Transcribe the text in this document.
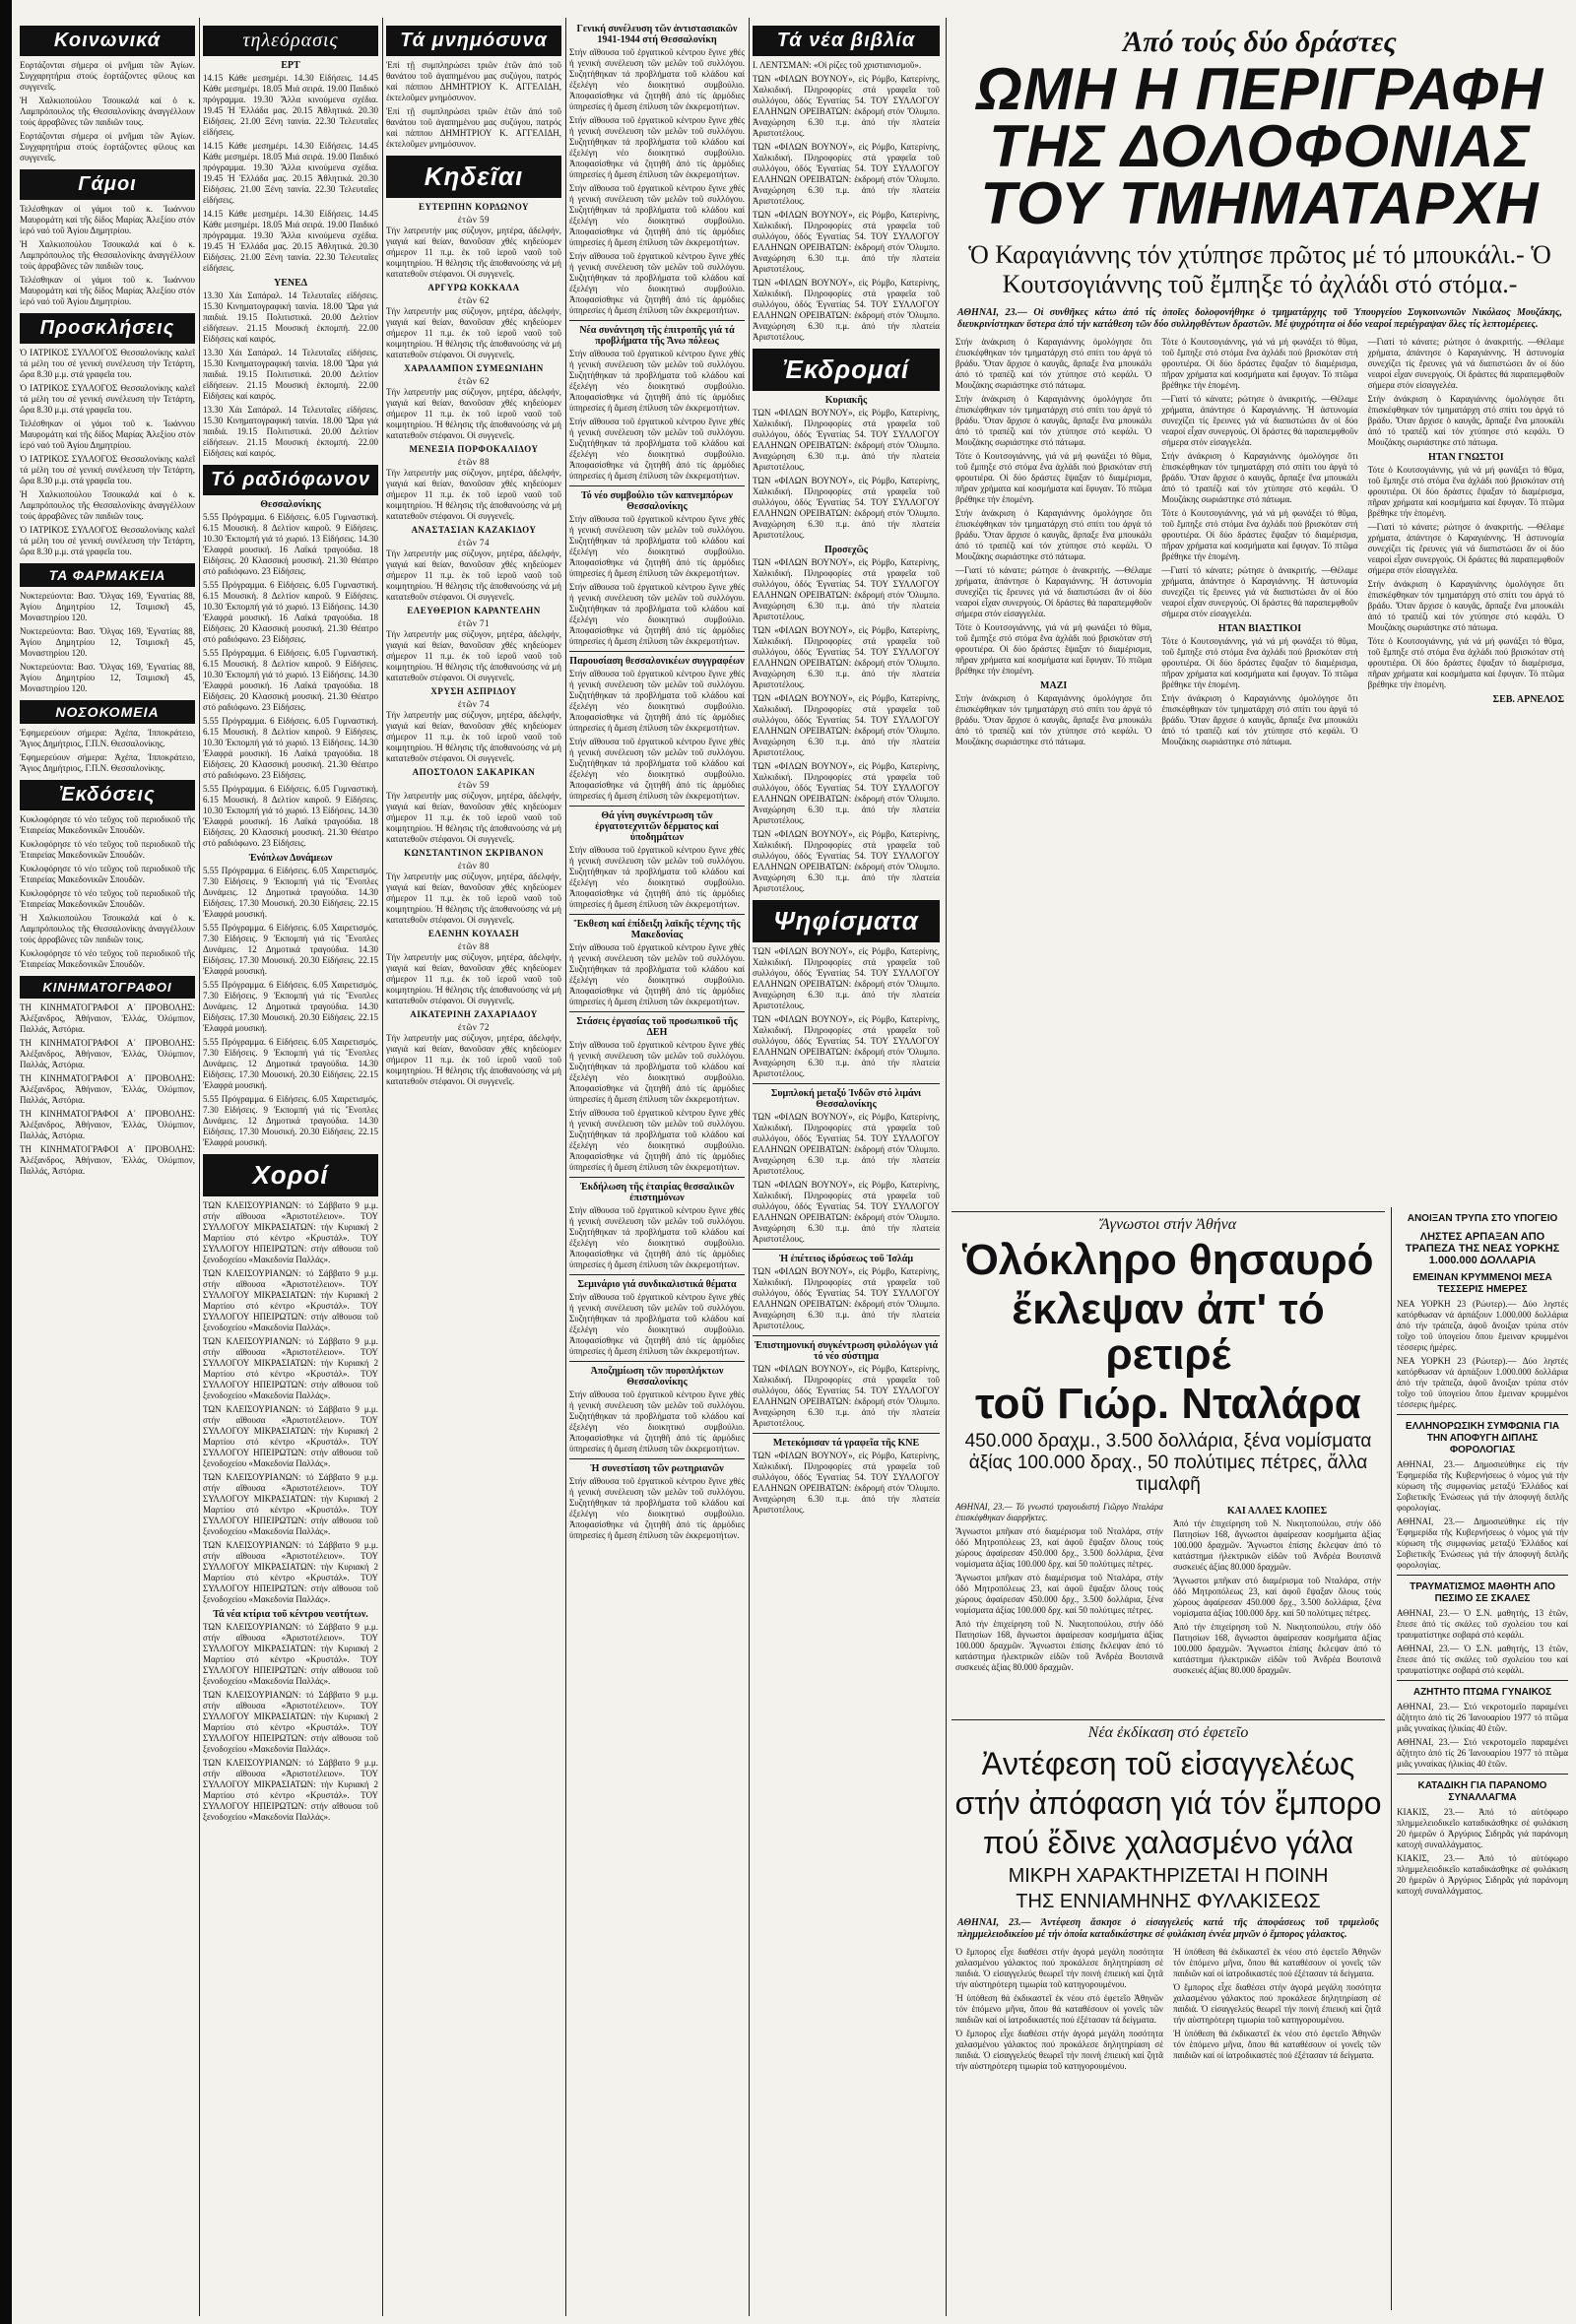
Κοινωνικά

Εορτάζονται σήμερα οἱ μνῆμαι τῶν Ἁγίων. Συγχαρητήρια στούς ἑορτάζοντες φίλους και συγγενεῖς.

Ἡ Χαλκιοπούλου Τσουκαλά καί ὁ κ. Λαμπρόπουλος τῆς Θεσσαλονίκης ἀναγγέλλουν τούς ἀρραβῶνες τῶν παιδιῶν τους.

Εορτάζονται σήμερα οἱ μνῆμαι τῶν Ἁγίων. Συγχαρητήρια στούς ἑορτάζοντες φίλους και συγγενεῖς.

Γάμοι

Τελέσθηκαν οἱ γάμοι τοῦ κ. Ἰωάννου Μαυρομάτη καί τῆς δίδος Μαρίας Ἀλεξίου στόν ἱερό ναό τοῦ Ἁγίου Δημητρίου.

Ἡ Χαλκιοπούλου Τσουκαλά καί ὁ κ. Λαμπρόπουλος τῆς Θεσσαλονίκης ἀναγγέλλουν τούς ἀρραβῶνες τῶν παιδιῶν τους.

Τελέσθηκαν οἱ γάμοι τοῦ κ. Ἰωάννου Μαυρομάτη καί τῆς δίδος Μαρίας Ἀλεξίου στόν ἱερό ναό τοῦ Ἁγίου Δημητρίου.

Προσκλήσεις

Ὁ ΙΑΤΡΙΚΟΣ ΣΥΛΛΟΓΟΣ Θεσσαλονίκης καλεῖ τά μέλη του σέ γενική συνέλευση τήν Τετάρτη, ὥρα 8.30 μ.μ. στά γραφεῖα του.

Ὁ ΙΑΤΡΙΚΟΣ ΣΥΛΛΟΓΟΣ Θεσσαλονίκης καλεῖ τά μέλη του σέ γενική συνέλευση τήν Τετάρτη, ὥρα 8.30 μ.μ. στά γραφεῖα του.

Τελέσθηκαν οἱ γάμοι τοῦ κ. Ἰωάννου Μαυρομάτη καί τῆς δίδος Μαρίας Ἀλεξίου στόν ἱερό ναό τοῦ Ἁγίου Δημητρίου.

Ὁ ΙΑΤΡΙΚΟΣ ΣΥΛΛΟΓΟΣ Θεσσαλονίκης καλεῖ τά μέλη του σέ γενική συνέλευση τήν Τετάρτη, ὥρα 8.30 μ.μ. στά γραφεῖα του.

Ἡ Χαλκιοπούλου Τσουκαλά καί ὁ κ. Λαμπρόπουλος τῆς Θεσσαλονίκης ἀναγγέλλουν τούς ἀρραβῶνες τῶν παιδιῶν τους.

Ὁ ΙΑΤΡΙΚΟΣ ΣΥΛΛΟΓΟΣ Θεσσαλονίκης καλεῖ τά μέλη του σέ γενική συνέλευση τήν Τετάρτη, ὥρα 8.30 μ.μ. στά γραφεῖα του.

ΤΑ ΦΑΡΜΑΚΕΙΑ

Νυκτερεύοντα: Βασ. Ὄλγας 169, Ἐγνατίας 88, Ἀγίου Δημητρίου 12, Τσιμισκῆ 45, Μοναστηρίου 120.

Νυκτερεύοντα: Βασ. Ὄλγας 169, Ἐγνατίας 88, Ἀγίου Δημητρίου 12, Τσιμισκῆ 45, Μοναστηρίου 120.

Νυκτερεύοντα: Βασ. Ὄλγας 169, Ἐγνατίας 88, Ἀγίου Δημητρίου 12, Τσιμισκῆ 45, Μοναστηρίου 120.

ΝΟΣΟΚΟΜΕΙΑ

Ἐφημερεύουν σήμερα: Ἀχέπα, Ἱπποκράτειο, Ἅγιος Δημήτριος, Γ.Π.Ν. Θεσσαλονίκης.

Ἐφημερεύουν σήμερα: Ἀχέπα, Ἱπποκράτειο, Ἅγιος Δημήτριος, Γ.Π.Ν. Θεσσαλονίκης.

Ἐκδόσεις

Κυκλοφόρησε τό νέο τεῦχος τοῦ περιοδικοῦ τῆς Ἑταιρείας Μακεδονικῶν Σπουδῶν.

Κυκλοφόρησε τό νέο τεῦχος τοῦ περιοδικοῦ τῆς Ἑταιρείας Μακεδονικῶν Σπουδῶν.

Κυκλοφόρησε τό νέο τεῦχος τοῦ περιοδικοῦ τῆς Ἑταιρείας Μακεδονικῶν Σπουδῶν.

Κυκλοφόρησε τό νέο τεῦχος τοῦ περιοδικοῦ τῆς Ἑταιρείας Μακεδονικῶν Σπουδῶν.

Ἡ Χαλκιοπούλου Τσουκαλά καί ὁ κ. Λαμπρόπουλος τῆς Θεσσαλονίκης ἀναγγέλλουν τούς ἀρραβῶνες τῶν παιδιῶν τους.

Κυκλοφόρησε τό νέο τεῦχος τοῦ περιοδικοῦ τῆς Ἑταιρείας Μακεδονικῶν Σπουδῶν.

ΚΙΝΗΜΑΤΟΓΡΑΦΟΙ

ΤΗ ΚΙΝΗΜΑΤΟΓΡΑΦΟΙ Α΄ ΠΡΟΒΟΛΗΣ: Ἀλέξανδρος, Ἀθήναιον, Ἑλλάς, Ὀλύμπιον, Παλλάς, Ἀστόρια.

ΤΗ ΚΙΝΗΜΑΤΟΓΡΑΦΟΙ Α΄ ΠΡΟΒΟΛΗΣ: Ἀλέξανδρος, Ἀθήναιον, Ἑλλάς, Ὀλύμπιον, Παλλάς, Ἀστόρια.

ΤΗ ΚΙΝΗΜΑΤΟΓΡΑΦΟΙ Α΄ ΠΡΟΒΟΛΗΣ: Ἀλέξανδρος, Ἀθήναιον, Ἑλλάς, Ὀλύμπιον, Παλλάς, Ἀστόρια.

ΤΗ ΚΙΝΗΜΑΤΟΓΡΑΦΟΙ Α΄ ΠΡΟΒΟΛΗΣ: Ἀλέξανδρος, Ἀθήναιον, Ἑλλάς, Ὀλύμπιον, Παλλάς, Ἀστόρια.

ΤΗ ΚΙΝΗΜΑΤΟΓΡΑΦΟΙ Α΄ ΠΡΟΒΟΛΗΣ: Ἀλέξανδρος, Ἀθήναιον, Ἑλλάς, Ὀλύμπιον, Παλλάς, Ἀστόρια.

τηλεόρασις
ΕΡΤ

14.15 Κάθε μεσημέρι. 14.30 Εἰδήσεις. 14.45 Κάθε μεσημέρι. 18.05 Μιά σειρά. 19.00 Παιδικό πρόγραμμα. 19.30 Ἄλλα κινούμενα σχέδια. 19.45 Ἡ Ἑλλάδα μας. 20.15 Ἀθλητικά. 20.30 Εἰδήσεις. 21.00 Ξένη ταινία. 22.30 Τελευταῖες εἰδήσεις.

14.15 Κάθε μεσημέρι. 14.30 Εἰδήσεις. 14.45 Κάθε μεσημέρι. 18.05 Μιά σειρά. 19.00 Παιδικό πρόγραμμα. 19.30 Ἄλλα κινούμενα σχέδια. 19.45 Ἡ Ἑλλάδα μας. 20.15 Ἀθλητικά. 20.30 Εἰδήσεις. 21.00 Ξένη ταινία. 22.30 Τελευταῖες εἰδήσεις.

14.15 Κάθε μεσημέρι. 14.30 Εἰδήσεις. 14.45 Κάθε μεσημέρι. 18.05 Μιά σειρά. 19.00 Παιδικό πρόγραμμα. 19.30 Ἄλλα κινούμενα σχέδια. 19.45 Ἡ Ἑλλάδα μας. 20.15 Ἀθλητικά. 20.30 Εἰδήσεις. 21.00 Ξένη ταινία. 22.30 Τελευταῖες εἰδήσεις.

ΥΕΝΕΔ

13.30 Χάι Σαπάραλ. 14 Τελευταῖες εἰδήσεις. 15.30 Κινηματογραφική ταινία. 18.00 Ὥρα γιά παιδιά. 19.15 Πολιτιστικά. 20.00 Δελτίον εἰδήσεων. 21.15 Μουσική ἐκπομπή. 22.00 Εἰδήσεις καί καιρός.

13.30 Χάι Σαπάραλ. 14 Τελευταῖες εἰδήσεις. 15.30 Κινηματογραφική ταινία. 18.00 Ὥρα γιά παιδιά. 19.15 Πολιτιστικά. 20.00 Δελτίον εἰδήσεων. 21.15 Μουσική ἐκπομπή. 22.00 Εἰδήσεις καί καιρός.

13.30 Χάι Σαπάραλ. 14 Τελευταῖες εἰδήσεις. 15.30 Κινηματογραφική ταινία. 18.00 Ὥρα γιά παιδιά. 19.15 Πολιτιστικά. 20.00 Δελτίον εἰδήσεων. 21.15 Μουσική ἐκπομπή. 22.00 Εἰδήσεις καί καιρός.

Τό ραδιόφωνον
Θεσσαλονίκης

5.55 Πρόγραμμα. 6 Εἰδήσεις. 6.05 Γυμναστική. 6.15 Μουσική. 8 Δελτίον καιροῦ. 9 Εἰδήσεις. 10.30 Ἐκπομπή γιά τό χωριό. 13 Εἰδήσεις. 14.30 Ἐλαφρά μουσική. 16 Λαϊκά τραγούδια. 18 Εἰδήσεις. 20 Κλασσική μουσική. 21.30 Θέατρο στό ραδιόφωνο. 23 Εἰδήσεις.

5.55 Πρόγραμμα. 6 Εἰδήσεις. 6.05 Γυμναστική. 6.15 Μουσική. 8 Δελτίον καιροῦ. 9 Εἰδήσεις. 10.30 Ἐκπομπή γιά τό χωριό. 13 Εἰδήσεις. 14.30 Ἐλαφρά μουσική. 16 Λαϊκά τραγούδια. 18 Εἰδήσεις. 20 Κλασσική μουσική. 21.30 Θέατρο στό ραδιόφωνο. 23 Εἰδήσεις.

5.55 Πρόγραμμα. 6 Εἰδήσεις. 6.05 Γυμναστική. 6.15 Μουσική. 8 Δελτίον καιροῦ. 9 Εἰδήσεις. 10.30 Ἐκπομπή γιά τό χωριό. 13 Εἰδήσεις. 14.30 Ἐλαφρά μουσική. 16 Λαϊκά τραγούδια. 18 Εἰδήσεις. 20 Κλασσική μουσική. 21.30 Θέατρο στό ραδιόφωνο. 23 Εἰδήσεις.

5.55 Πρόγραμμα. 6 Εἰδήσεις. 6.05 Γυμναστική. 6.15 Μουσική. 8 Δελτίον καιροῦ. 9 Εἰδήσεις. 10.30 Ἐκπομπή γιά τό χωριό. 13 Εἰδήσεις. 14.30 Ἐλαφρά μουσική. 16 Λαϊκά τραγούδια. 18 Εἰδήσεις. 20 Κλασσική μουσική. 21.30 Θέατρο στό ραδιόφωνο. 23 Εἰδήσεις.

5.55 Πρόγραμμα. 6 Εἰδήσεις. 6.05 Γυμναστική. 6.15 Μουσική. 8 Δελτίον καιροῦ. 9 Εἰδήσεις. 10.30 Ἐκπομπή γιά τό χωριό. 13 Εἰδήσεις. 14.30 Ἐλαφρά μουσική. 16 Λαϊκά τραγούδια. 18 Εἰδήσεις. 20 Κλασσική μουσική. 21.30 Θέατρο στό ραδιόφωνο. 23 Εἰδήσεις.

Ἐνόπλων Δυνάμεων

5.55 Πρόγραμμα. 6 Εἰδήσεις. 6.05 Χαιρετισμός. 7.30 Εἰδήσεις. 9 Ἐκπομπή γιά τίς Ἔνοπλες Δυνάμεις. 12 Δημοτικά τραγούδια. 14.30 Εἰδήσεις. 17.30 Μουσική. 20.30 Εἰδήσεις. 22.15 Ἐλαφρά μουσική.

5.55 Πρόγραμμα. 6 Εἰδήσεις. 6.05 Χαιρετισμός. 7.30 Εἰδήσεις. 9 Ἐκπομπή γιά τίς Ἔνοπλες Δυνάμεις. 12 Δημοτικά τραγούδια. 14.30 Εἰδήσεις. 17.30 Μουσική. 20.30 Εἰδήσεις. 22.15 Ἐλαφρά μουσική.

5.55 Πρόγραμμα. 6 Εἰδήσεις. 6.05 Χαιρετισμός. 7.30 Εἰδήσεις. 9 Ἐκπομπή γιά τίς Ἔνοπλες Δυνάμεις. 12 Δημοτικά τραγούδια. 14.30 Εἰδήσεις. 17.30 Μουσική. 20.30 Εἰδήσεις. 22.15 Ἐλαφρά μουσική.

5.55 Πρόγραμμα. 6 Εἰδήσεις. 6.05 Χαιρετισμός. 7.30 Εἰδήσεις. 9 Ἐκπομπή γιά τίς Ἔνοπλες Δυνάμεις. 12 Δημοτικά τραγούδια. 14.30 Εἰδήσεις. 17.30 Μουσική. 20.30 Εἰδήσεις. 22.15 Ἐλαφρά μουσική.

5.55 Πρόγραμμα. 6 Εἰδήσεις. 6.05 Χαιρετισμός. 7.30 Εἰδήσεις. 9 Ἐκπομπή γιά τίς Ἔνοπλες Δυνάμεις. 12 Δημοτικά τραγούδια. 14.30 Εἰδήσεις. 17.30 Μουσική. 20.30 Εἰδήσεις. 22.15 Ἐλαφρά μουσική.

Χοροί

ΤΩΝ ΚΛΕΙΣΟΥΡΙΑΝΩΝ: τό Σάββατο 9 μ.μ. στήν αἴθουσα «Ἀριστοτέλειον». ΤΟΥ ΣΥΛΛΟΓΟΥ ΜΙΚΡΑΣΙΑΤΩΝ: τήν Κυριακή 2 Μαρτίου στό κέντρο «Κρυστάλ». ΤΟΥ ΣΥΛΛΟΓΟΥ ΗΠΕΙΡΩΤΩΝ: στήν αἴθουσα τοῦ ξενοδοχείου «Μακεδονία Παλλάς».

ΤΩΝ ΚΛΕΙΣΟΥΡΙΑΝΩΝ: τό Σάββατο 9 μ.μ. στήν αἴθουσα «Ἀριστοτέλειον». ΤΟΥ ΣΥΛΛΟΓΟΥ ΜΙΚΡΑΣΙΑΤΩΝ: τήν Κυριακή 2 Μαρτίου στό κέντρο «Κρυστάλ». ΤΟΥ ΣΥΛΛΟΓΟΥ ΗΠΕΙΡΩΤΩΝ: στήν αἴθουσα τοῦ ξενοδοχείου «Μακεδονία Παλλάς».

ΤΩΝ ΚΛΕΙΣΟΥΡΙΑΝΩΝ: τό Σάββατο 9 μ.μ. στήν αἴθουσα «Ἀριστοτέλειον». ΤΟΥ ΣΥΛΛΟΓΟΥ ΜΙΚΡΑΣΙΑΤΩΝ: τήν Κυριακή 2 Μαρτίου στό κέντρο «Κρυστάλ». ΤΟΥ ΣΥΛΛΟΓΟΥ ΗΠΕΙΡΩΤΩΝ: στήν αἴθουσα τοῦ ξενοδοχείου «Μακεδονία Παλλάς».

ΤΩΝ ΚΛΕΙΣΟΥΡΙΑΝΩΝ: τό Σάββατο 9 μ.μ. στήν αἴθουσα «Ἀριστοτέλειον». ΤΟΥ ΣΥΛΛΟΓΟΥ ΜΙΚΡΑΣΙΑΤΩΝ: τήν Κυριακή 2 Μαρτίου στό κέντρο «Κρυστάλ». ΤΟΥ ΣΥΛΛΟΓΟΥ ΗΠΕΙΡΩΤΩΝ: στήν αἴθουσα τοῦ ξενοδοχείου «Μακεδονία Παλλάς».

ΤΩΝ ΚΛΕΙΣΟΥΡΙΑΝΩΝ: τό Σάββατο 9 μ.μ. στήν αἴθουσα «Ἀριστοτέλειον». ΤΟΥ ΣΥΛΛΟΓΟΥ ΜΙΚΡΑΣΙΑΤΩΝ: τήν Κυριακή 2 Μαρτίου στό κέντρο «Κρυστάλ». ΤΟΥ ΣΥΛΛΟΓΟΥ ΗΠΕΙΡΩΤΩΝ: στήν αἴθουσα τοῦ ξενοδοχείου «Μακεδονία Παλλάς».

ΤΩΝ ΚΛΕΙΣΟΥΡΙΑΝΩΝ: τό Σάββατο 9 μ.μ. στήν αἴθουσα «Ἀριστοτέλειον». ΤΟΥ ΣΥΛΛΟΓΟΥ ΜΙΚΡΑΣΙΑΤΩΝ: τήν Κυριακή 2 Μαρτίου στό κέντρο «Κρυστάλ». ΤΟΥ ΣΥΛΛΟΓΟΥ ΗΠΕΙΡΩΤΩΝ: στήν αἴθουσα τοῦ ξενοδοχείου «Μακεδονία Παλλάς».

Τά νέα κτίρια τοῦ κέντρου νεοτήτων.

ΤΩΝ ΚΛΕΙΣΟΥΡΙΑΝΩΝ: τό Σάββατο 9 μ.μ. στήν αἴθουσα «Ἀριστοτέλειον». ΤΟΥ ΣΥΛΛΟΓΟΥ ΜΙΚΡΑΣΙΑΤΩΝ: τήν Κυριακή 2 Μαρτίου στό κέντρο «Κρυστάλ». ΤΟΥ ΣΥΛΛΟΓΟΥ ΗΠΕΙΡΩΤΩΝ: στήν αἴθουσα τοῦ ξενοδοχείου «Μακεδονία Παλλάς».

ΤΩΝ ΚΛΕΙΣΟΥΡΙΑΝΩΝ: τό Σάββατο 9 μ.μ. στήν αἴθουσα «Ἀριστοτέλειον». ΤΟΥ ΣΥΛΛΟΓΟΥ ΜΙΚΡΑΣΙΑΤΩΝ: τήν Κυριακή 2 Μαρτίου στό κέντρο «Κρυστάλ». ΤΟΥ ΣΥΛΛΟΓΟΥ ΗΠΕΙΡΩΤΩΝ: στήν αἴθουσα τοῦ ξενοδοχείου «Μακεδονία Παλλάς».

ΤΩΝ ΚΛΕΙΣΟΥΡΙΑΝΩΝ: τό Σάββατο 9 μ.μ. στήν αἴθουσα «Ἀριστοτέλειον». ΤΟΥ ΣΥΛΛΟΓΟΥ ΜΙΚΡΑΣΙΑΤΩΝ: τήν Κυριακή 2 Μαρτίου στό κέντρο «Κρυστάλ». ΤΟΥ ΣΥΛΛΟΓΟΥ ΗΠΕΙΡΩΤΩΝ: στήν αἴθουσα τοῦ ξενοδοχείου «Μακεδονία Παλλάς».

Τά μνημόσυνα

Ἐπί τῇ συμπληρώσει τριῶν ἐτῶν ἀπό τοῦ θανάτου τοῦ ἀγαπημένου μας συζύγου, πατρός καί πάππου ΔΗΜΗΤΡΙΟΥ Κ. ΑΓΓΕΛΙΔΗ, ἐκτελοῦμεν μνημόσυνον.

Ἐπί τῇ συμπληρώσει τριῶν ἐτῶν ἀπό τοῦ θανάτου τοῦ ἀγαπημένου μας συζύγου, πατρός καί πάππου ΔΗΜΗΤΡΙΟΥ Κ. ΑΓΓΕΛΙΔΗ, ἐκτελοῦμεν μνημόσυνον.

Κηδεῖαι
ΕΥΤΕΡΠΗΝ ΚΟΡΔΩΝΟΥ
ἐτῶν 59

Τήν λατρευτήν μας σύζυγον, μητέρα, ἀδελφήν, γιαγιά καί θείαν, θανοῦσαν χθές κηδεύομεν σήμερον 11 π.μ. ἐκ τοῦ ἱεροῦ ναοῦ τοῦ κοιμητηρίου. Ἡ θέλησις τῆς ἀποθανούσης νά μή κατατεθοῦν στέφανοι. Οἱ συγγενεῖς.

ΑΡΓΥΡΩ ΚΟΚΚΑΛΑ
ἐτῶν 62

Τήν λατρευτήν μας σύζυγον, μητέρα, ἀδελφήν, γιαγιά καί θείαν, θανοῦσαν χθές κηδεύομεν σήμερον 11 π.μ. ἐκ τοῦ ἱεροῦ ναοῦ τοῦ κοιμητηρίου. Ἡ θέλησις τῆς ἀποθανούσης νά μή κατατεθοῦν στέφανοι. Οἱ συγγενεῖς.

ΧΑΡΑΛΑΜΠΟΝ ΣΥΜΕΩΝΙΔΗΝ
ἐτῶν 62

Τήν λατρευτήν μας σύζυγον, μητέρα, ἀδελφήν, γιαγιά καί θείαν, θανοῦσαν χθές κηδεύομεν σήμερον 11 π.μ. ἐκ τοῦ ἱεροῦ ναοῦ τοῦ κοιμητηρίου. Ἡ θέλησις τῆς ἀποθανούσης νά μή κατατεθοῦν στέφανοι. Οἱ συγγενεῖς.

ΜΕΝΕΞΙΑ ΠΟΡΦΟΚΑΛΙΔΟΥ
ἐτῶν 88

Τήν λατρευτήν μας σύζυγον, μητέρα, ἀδελφήν, γιαγιά καί θείαν, θανοῦσαν χθές κηδεύομεν σήμερον 11 π.μ. ἐκ τοῦ ἱεροῦ ναοῦ τοῦ κοιμητηρίου. Ἡ θέλησις τῆς ἀποθανούσης νά μή κατατεθοῦν στέφανοι. Οἱ συγγενεῖς.

ΑΝΑΣΤΑΣΙΑΝ ΚΑΖΑΚΙΔΟΥ
ἐτῶν 74

Τήν λατρευτήν μας σύζυγον, μητέρα, ἀδελφήν, γιαγιά καί θείαν, θανοῦσαν χθές κηδεύομεν σήμερον 11 π.μ. ἐκ τοῦ ἱεροῦ ναοῦ τοῦ κοιμητηρίου. Ἡ θέλησις τῆς ἀποθανούσης νά μή κατατεθοῦν στέφανοι. Οἱ συγγενεῖς.

ΕΛΕΥΘΕΡΙΟΝ ΚΑΡΑΝΤΕΛΗΝ
ἐτῶν 71

Τήν λατρευτήν μας σύζυγον, μητέρα, ἀδελφήν, γιαγιά καί θείαν, θανοῦσαν χθές κηδεύομεν σήμερον 11 π.μ. ἐκ τοῦ ἱεροῦ ναοῦ τοῦ κοιμητηρίου. Ἡ θέλησις τῆς ἀποθανούσης νά μή κατατεθοῦν στέφανοι. Οἱ συγγενεῖς.

ΧΡΥΣΗ ΑΣΠΡΙΔΟΥ
ἐτῶν 74

Τήν λατρευτήν μας σύζυγον, μητέρα, ἀδελφήν, γιαγιά καί θείαν, θανοῦσαν χθές κηδεύομεν σήμερον 11 π.μ. ἐκ τοῦ ἱεροῦ ναοῦ τοῦ κοιμητηρίου. Ἡ θέλησις τῆς ἀποθανούσης νά μή κατατεθοῦν στέφανοι. Οἱ συγγενεῖς.

ΑΠΟΣΤΟΛΟΝ ΣΑΚΑΡΙΚΑΝ
ἐτῶν 59

Τήν λατρευτήν μας σύζυγον, μητέρα, ἀδελφήν, γιαγιά καί θείαν, θανοῦσαν χθές κηδεύομεν σήμερον 11 π.μ. ἐκ τοῦ ἱεροῦ ναοῦ τοῦ κοιμητηρίου. Ἡ θέλησις τῆς ἀποθανούσης νά μή κατατεθοῦν στέφανοι. Οἱ συγγενεῖς.

ΚΩΝΣΤΑΝΤΙΝΟΝ ΣΚΡΙΒΑΝΟΝ
ἐτῶν 80

Τήν λατρευτήν μας σύζυγον, μητέρα, ἀδελφήν, γιαγιά καί θείαν, θανοῦσαν χθές κηδεύομεν σήμερον 11 π.μ. ἐκ τοῦ ἱεροῦ ναοῦ τοῦ κοιμητηρίου. Ἡ θέλησις τῆς ἀποθανούσης νά μή κατατεθοῦν στέφανοι. Οἱ συγγενεῖς.

ΕΛΕΝΗΝ ΚΟΥΛΑΣΗ
ἐτῶν 88

Τήν λατρευτήν μας σύζυγον, μητέρα, ἀδελφήν, γιαγιά καί θείαν, θανοῦσαν χθές κηδεύομεν σήμερον 11 π.μ. ἐκ τοῦ ἱεροῦ ναοῦ τοῦ κοιμητηρίου. Ἡ θέλησις τῆς ἀποθανούσης νά μή κατατεθοῦν στέφανοι. Οἱ συγγενεῖς.

ΑΙΚΑΤΕΡΙΝΗ ΖΑΧΑΡΙΑΔΟΥ
ἐτῶν 72

Τήν λατρευτήν μας σύζυγον, μητέρα, ἀδελφήν, γιαγιά καί θείαν, θανοῦσαν χθές κηδεύομεν σήμερον 11 π.μ. ἐκ τοῦ ἱεροῦ ναοῦ τοῦ κοιμητηρίου. Ἡ θέλησις τῆς ἀποθανούσης νά μή κατατεθοῦν στέφανοι. Οἱ συγγενεῖς.

Γενική συνέλευση τῶν ἀντιστασιακῶν 1941-1944 στή Θεσσαλονίκη

Στήν αἴθουσα τοῦ ἐργατικοῦ κέντρου ἔγινε χθές ἡ γενική συνέλευση τῶν μελῶν τοῦ συλλόγου. Συζητήθηκαν τά προβλήματα τοῦ κλάδου καί ἐξελέγη νέο διοικητικό συμβούλιο. Ἀποφασίσθηκε νά ζητηθῆ ἀπό τίς ἁρμόδιες ὑπηρεσίες ἡ ἄμεση ἐπίλυση τῶν ἐκκρεμοτήτων.

Στήν αἴθουσα τοῦ ἐργατικοῦ κέντρου ἔγινε χθές ἡ γενική συνέλευση τῶν μελῶν τοῦ συλλόγου. Συζητήθηκαν τά προβλήματα τοῦ κλάδου καί ἐξελέγη νέο διοικητικό συμβούλιο. Ἀποφασίσθηκε νά ζητηθῆ ἀπό τίς ἁρμόδιες ὑπηρεσίες ἡ ἄμεση ἐπίλυση τῶν ἐκκρεμοτήτων.

Στήν αἴθουσα τοῦ ἐργατικοῦ κέντρου ἔγινε χθές ἡ γενική συνέλευση τῶν μελῶν τοῦ συλλόγου. Συζητήθηκαν τά προβλήματα τοῦ κλάδου καί ἐξελέγη νέο διοικητικό συμβούλιο. Ἀποφασίσθηκε νά ζητηθῆ ἀπό τίς ἁρμόδιες ὑπηρεσίες ἡ ἄμεση ἐπίλυση τῶν ἐκκρεμοτήτων.

Στήν αἴθουσα τοῦ ἐργατικοῦ κέντρου ἔγινε χθές ἡ γενική συνέλευση τῶν μελῶν τοῦ συλλόγου. Συζητήθηκαν τά προβλήματα τοῦ κλάδου καί ἐξελέγη νέο διοικητικό συμβούλιο. Ἀποφασίσθηκε νά ζητηθῆ ἀπό τίς ἁρμόδιες ὑπηρεσίες ἡ ἄμεση ἐπίλυση τῶν ἐκκρεμοτήτων.

Νέα συνάντηση τῆς ἐπιτροπῆς γιά τά προβλήματα τῆς Ἄνω πόλεως

Στήν αἴθουσα τοῦ ἐργατικοῦ κέντρου ἔγινε χθές ἡ γενική συνέλευση τῶν μελῶν τοῦ συλλόγου. Συζητήθηκαν τά προβλήματα τοῦ κλάδου καί ἐξελέγη νέο διοικητικό συμβούλιο. Ἀποφασίσθηκε νά ζητηθῆ ἀπό τίς ἁρμόδιες ὑπηρεσίες ἡ ἄμεση ἐπίλυση τῶν ἐκκρεμοτήτων.

Στήν αἴθουσα τοῦ ἐργατικοῦ κέντρου ἔγινε χθές ἡ γενική συνέλευση τῶν μελῶν τοῦ συλλόγου. Συζητήθηκαν τά προβλήματα τοῦ κλάδου καί ἐξελέγη νέο διοικητικό συμβούλιο. Ἀποφασίσθηκε νά ζητηθῆ ἀπό τίς ἁρμόδιες ὑπηρεσίες ἡ ἄμεση ἐπίλυση τῶν ἐκκρεμοτήτων.

Τό νέο συμβούλιο τῶν καπνεμπόρων Θεσσαλονίκης

Στήν αἴθουσα τοῦ ἐργατικοῦ κέντρου ἔγινε χθές ἡ γενική συνέλευση τῶν μελῶν τοῦ συλλόγου. Συζητήθηκαν τά προβλήματα τοῦ κλάδου καί ἐξελέγη νέο διοικητικό συμβούλιο. Ἀποφασίσθηκε νά ζητηθῆ ἀπό τίς ἁρμόδιες ὑπηρεσίες ἡ ἄμεση ἐπίλυση τῶν ἐκκρεμοτήτων.

Στήν αἴθουσα τοῦ ἐργατικοῦ κέντρου ἔγινε χθές ἡ γενική συνέλευση τῶν μελῶν τοῦ συλλόγου. Συζητήθηκαν τά προβλήματα τοῦ κλάδου καί ἐξελέγη νέο διοικητικό συμβούλιο. Ἀποφασίσθηκε νά ζητηθῆ ἀπό τίς ἁρμόδιες ὑπηρεσίες ἡ ἄμεση ἐπίλυση τῶν ἐκκρεμοτήτων.

Παρουσίαση θεσσαλονικέων συγγραφέων

Στήν αἴθουσα τοῦ ἐργατικοῦ κέντρου ἔγινε χθές ἡ γενική συνέλευση τῶν μελῶν τοῦ συλλόγου. Συζητήθηκαν τά προβλήματα τοῦ κλάδου καί ἐξελέγη νέο διοικητικό συμβούλιο. Ἀποφασίσθηκε νά ζητηθῆ ἀπό τίς ἁρμόδιες ὑπηρεσίες ἡ ἄμεση ἐπίλυση τῶν ἐκκρεμοτήτων.

Στήν αἴθουσα τοῦ ἐργατικοῦ κέντρου ἔγινε χθές ἡ γενική συνέλευση τῶν μελῶν τοῦ συλλόγου. Συζητήθηκαν τά προβλήματα τοῦ κλάδου καί ἐξελέγη νέο διοικητικό συμβούλιο. Ἀποφασίσθηκε νά ζητηθῆ ἀπό τίς ἁρμόδιες ὑπηρεσίες ἡ ἄμεση ἐπίλυση τῶν ἐκκρεμοτήτων.

Θά γίνη συγκέντρωση τῶν ἐργατοτεχνιτῶν δέρματος καί ὑποδημάτων

Στήν αἴθουσα τοῦ ἐργατικοῦ κέντρου ἔγινε χθές ἡ γενική συνέλευση τῶν μελῶν τοῦ συλλόγου. Συζητήθηκαν τά προβλήματα τοῦ κλάδου καί ἐξελέγη νέο διοικητικό συμβούλιο. Ἀποφασίσθηκε νά ζητηθῆ ἀπό τίς ἁρμόδιες ὑπηρεσίες ἡ ἄμεση ἐπίλυση τῶν ἐκκρεμοτήτων.

Ἔκθεση καί ἐπίδειξη λαϊκῆς τέχνης τῆς Μακεδονίας

Στήν αἴθουσα τοῦ ἐργατικοῦ κέντρου ἔγινε χθές ἡ γενική συνέλευση τῶν μελῶν τοῦ συλλόγου. Συζητήθηκαν τά προβλήματα τοῦ κλάδου καί ἐξελέγη νέο διοικητικό συμβούλιο. Ἀποφασίσθηκε νά ζητηθῆ ἀπό τίς ἁρμόδιες ὑπηρεσίες ἡ ἄμεση ἐπίλυση τῶν ἐκκρεμοτήτων.

Στάσεις ἐργασίας τοῦ προσωπικοῦ τῆς ΔΕΗ

Στήν αἴθουσα τοῦ ἐργατικοῦ κέντρου ἔγινε χθές ἡ γενική συνέλευση τῶν μελῶν τοῦ συλλόγου. Συζητήθηκαν τά προβλήματα τοῦ κλάδου καί ἐξελέγη νέο διοικητικό συμβούλιο. Ἀποφασίσθηκε νά ζητηθῆ ἀπό τίς ἁρμόδιες ὑπηρεσίες ἡ ἄμεση ἐπίλυση τῶν ἐκκρεμοτήτων.

Στήν αἴθουσα τοῦ ἐργατικοῦ κέντρου ἔγινε χθές ἡ γενική συνέλευση τῶν μελῶν τοῦ συλλόγου. Συζητήθηκαν τά προβλήματα τοῦ κλάδου καί ἐξελέγη νέο διοικητικό συμβούλιο. Ἀποφασίσθηκε νά ζητηθῆ ἀπό τίς ἁρμόδιες ὑπηρεσίες ἡ ἄμεση ἐπίλυση τῶν ἐκκρεμοτήτων.

Ἐκδήλωση τῆς ἑταιρίας θεσσαλικῶν ἐπιστημόνων

Στήν αἴθουσα τοῦ ἐργατικοῦ κέντρου ἔγινε χθές ἡ γενική συνέλευση τῶν μελῶν τοῦ συλλόγου. Συζητήθηκαν τά προβλήματα τοῦ κλάδου καί ἐξελέγη νέο διοικητικό συμβούλιο. Ἀποφασίσθηκε νά ζητηθῆ ἀπό τίς ἁρμόδιες ὑπηρεσίες ἡ ἄμεση ἐπίλυση τῶν ἐκκρεμοτήτων.

Σεμινάριο γιά συνδικαλιστικά θέματα

Στήν αἴθουσα τοῦ ἐργατικοῦ κέντρου ἔγινε χθές ἡ γενική συνέλευση τῶν μελῶν τοῦ συλλόγου. Συζητήθηκαν τά προβλήματα τοῦ κλάδου καί ἐξελέγη νέο διοικητικό συμβούλιο. Ἀποφασίσθηκε νά ζητηθῆ ἀπό τίς ἁρμόδιες ὑπηρεσίες ἡ ἄμεση ἐπίλυση τῶν ἐκκρεμοτήτων.

Ἀποζημίωση τῶν πυροπλήκτων Θεσσαλονίκης

Στήν αἴθουσα τοῦ ἐργατικοῦ κέντρου ἔγινε χθές ἡ γενική συνέλευση τῶν μελῶν τοῦ συλλόγου. Συζητήθηκαν τά προβλήματα τοῦ κλάδου καί ἐξελέγη νέο διοικητικό συμβούλιο. Ἀποφασίσθηκε νά ζητηθῆ ἀπό τίς ἁρμόδιες ὑπηρεσίες ἡ ἄμεση ἐπίλυση τῶν ἐκκρεμοτήτων.

Ἡ συνεστίαση τῶν ρωτηριανῶν

Στήν αἴθουσα τοῦ ἐργατικοῦ κέντρου ἔγινε χθές ἡ γενική συνέλευση τῶν μελῶν τοῦ συλλόγου. Συζητήθηκαν τά προβλήματα τοῦ κλάδου καί ἐξελέγη νέο διοικητικό συμβούλιο. Ἀποφασίσθηκε νά ζητηθῆ ἀπό τίς ἁρμόδιες ὑπηρεσίες ἡ ἄμεση ἐπίλυση τῶν ἐκκρεμοτήτων.

Τά νέα βιβλία

Ι. ΛΕΝΤΣΜΑΝ: «Οἱ ρίζες τοῦ χριστιανισμοῦ».

ΤΩΝ «ΦΙΛΩΝ ΒΟΥΝΟΥ», εἰς Ρόμβο, Κατερίνης, Χαλκιδική. Πληροφορίες στά γραφεῖα τοῦ συλλόγου, ὁδός Ἐγνατίας 54. ΤΟΥ ΣΥΛΛΟΓΟΥ ΕΛΛΗΝΩΝ ΟΡΕΙΒΑΤΩΝ: ἐκδρομή στόν Ὄλυμπο. Ἀναχώρηση 6.30 π.μ. ἀπό τήν πλατεία Ἀριστοτέλους.

ΤΩΝ «ΦΙΛΩΝ ΒΟΥΝΟΥ», εἰς Ρόμβο, Κατερίνης, Χαλκιδική. Πληροφορίες στά γραφεῖα τοῦ συλλόγου, ὁδός Ἐγνατίας 54. ΤΟΥ ΣΥΛΛΟΓΟΥ ΕΛΛΗΝΩΝ ΟΡΕΙΒΑΤΩΝ: ἐκδρομή στόν Ὄλυμπο. Ἀναχώρηση 6.30 π.μ. ἀπό τήν πλατεία Ἀριστοτέλους.

ΤΩΝ «ΦΙΛΩΝ ΒΟΥΝΟΥ», εἰς Ρόμβο, Κατερίνης, Χαλκιδική. Πληροφορίες στά γραφεῖα τοῦ συλλόγου, ὁδός Ἐγνατίας 54. ΤΟΥ ΣΥΛΛΟΓΟΥ ΕΛΛΗΝΩΝ ΟΡΕΙΒΑΤΩΝ: ἐκδρομή στόν Ὄλυμπο. Ἀναχώρηση 6.30 π.μ. ἀπό τήν πλατεία Ἀριστοτέλους.

ΤΩΝ «ΦΙΛΩΝ ΒΟΥΝΟΥ», εἰς Ρόμβο, Κατερίνης, Χαλκιδική. Πληροφορίες στά γραφεῖα τοῦ συλλόγου, ὁδός Ἐγνατίας 54. ΤΟΥ ΣΥΛΛΟΓΟΥ ΕΛΛΗΝΩΝ ΟΡΕΙΒΑΤΩΝ: ἐκδρομή στόν Ὄλυμπο. Ἀναχώρηση 6.30 π.μ. ἀπό τήν πλατεία Ἀριστοτέλους.

Ἐκδρομαί
Κυριακῆς

ΤΩΝ «ΦΙΛΩΝ ΒΟΥΝΟΥ», εἰς Ρόμβο, Κατερίνης, Χαλκιδική. Πληροφορίες στά γραφεῖα τοῦ συλλόγου, ὁδός Ἐγνατίας 54. ΤΟΥ ΣΥΛΛΟΓΟΥ ΕΛΛΗΝΩΝ ΟΡΕΙΒΑΤΩΝ: ἐκδρομή στόν Ὄλυμπο. Ἀναχώρηση 6.30 π.μ. ἀπό τήν πλατεία Ἀριστοτέλους.

ΤΩΝ «ΦΙΛΩΝ ΒΟΥΝΟΥ», εἰς Ρόμβο, Κατερίνης, Χαλκιδική. Πληροφορίες στά γραφεῖα τοῦ συλλόγου, ὁδός Ἐγνατίας 54. ΤΟΥ ΣΥΛΛΟΓΟΥ ΕΛΛΗΝΩΝ ΟΡΕΙΒΑΤΩΝ: ἐκδρομή στόν Ὄλυμπο. Ἀναχώρηση 6.30 π.μ. ἀπό τήν πλατεία Ἀριστοτέλους.

Προσεχῶς

ΤΩΝ «ΦΙΛΩΝ ΒΟΥΝΟΥ», εἰς Ρόμβο, Κατερίνης, Χαλκιδική. Πληροφορίες στά γραφεῖα τοῦ συλλόγου, ὁδός Ἐγνατίας 54. ΤΟΥ ΣΥΛΛΟΓΟΥ ΕΛΛΗΝΩΝ ΟΡΕΙΒΑΤΩΝ: ἐκδρομή στόν Ὄλυμπο. Ἀναχώρηση 6.30 π.μ. ἀπό τήν πλατεία Ἀριστοτέλους.

ΤΩΝ «ΦΙΛΩΝ ΒΟΥΝΟΥ», εἰς Ρόμβο, Κατερίνης, Χαλκιδική. Πληροφορίες στά γραφεῖα τοῦ συλλόγου, ὁδός Ἐγνατίας 54. ΤΟΥ ΣΥΛΛΟΓΟΥ ΕΛΛΗΝΩΝ ΟΡΕΙΒΑΤΩΝ: ἐκδρομή στόν Ὄλυμπο. Ἀναχώρηση 6.30 π.μ. ἀπό τήν πλατεία Ἀριστοτέλους.

ΤΩΝ «ΦΙΛΩΝ ΒΟΥΝΟΥ», εἰς Ρόμβο, Κατερίνης, Χαλκιδική. Πληροφορίες στά γραφεῖα τοῦ συλλόγου, ὁδός Ἐγνατίας 54. ΤΟΥ ΣΥΛΛΟΓΟΥ ΕΛΛΗΝΩΝ ΟΡΕΙΒΑΤΩΝ: ἐκδρομή στόν Ὄλυμπο. Ἀναχώρηση 6.30 π.μ. ἀπό τήν πλατεία Ἀριστοτέλους.

ΤΩΝ «ΦΙΛΩΝ ΒΟΥΝΟΥ», εἰς Ρόμβο, Κατερίνης, Χαλκιδική. Πληροφορίες στά γραφεῖα τοῦ συλλόγου, ὁδός Ἐγνατίας 54. ΤΟΥ ΣΥΛΛΟΓΟΥ ΕΛΛΗΝΩΝ ΟΡΕΙΒΑΤΩΝ: ἐκδρομή στόν Ὄλυμπο. Ἀναχώρηση 6.30 π.μ. ἀπό τήν πλατεία Ἀριστοτέλους.

ΤΩΝ «ΦΙΛΩΝ ΒΟΥΝΟΥ», εἰς Ρόμβο, Κατερίνης, Χαλκιδική. Πληροφορίες στά γραφεῖα τοῦ συλλόγου, ὁδός Ἐγνατίας 54. ΤΟΥ ΣΥΛΛΟΓΟΥ ΕΛΛΗΝΩΝ ΟΡΕΙΒΑΤΩΝ: ἐκδρομή στόν Ὄλυμπο. Ἀναχώρηση 6.30 π.μ. ἀπό τήν πλατεία Ἀριστοτέλους.

Ψηφίσματα

ΤΩΝ «ΦΙΛΩΝ ΒΟΥΝΟΥ», εἰς Ρόμβο, Κατερίνης, Χαλκιδική. Πληροφορίες στά γραφεῖα τοῦ συλλόγου, ὁδός Ἐγνατίας 54. ΤΟΥ ΣΥΛΛΟΓΟΥ ΕΛΛΗΝΩΝ ΟΡΕΙΒΑΤΩΝ: ἐκδρομή στόν Ὄλυμπο. Ἀναχώρηση 6.30 π.μ. ἀπό τήν πλατεία Ἀριστοτέλους.

ΤΩΝ «ΦΙΛΩΝ ΒΟΥΝΟΥ», εἰς Ρόμβο, Κατερίνης, Χαλκιδική. Πληροφορίες στά γραφεῖα τοῦ συλλόγου, ὁδός Ἐγνατίας 54. ΤΟΥ ΣΥΛΛΟΓΟΥ ΕΛΛΗΝΩΝ ΟΡΕΙΒΑΤΩΝ: ἐκδρομή στόν Ὄλυμπο. Ἀναχώρηση 6.30 π.μ. ἀπό τήν πλατεία Ἀριστοτέλους.

Συμπλοκή μεταξύ Ἰνδῶν στό λιμάνι Θεσσαλονίκης

ΤΩΝ «ΦΙΛΩΝ ΒΟΥΝΟΥ», εἰς Ρόμβο, Κατερίνης, Χαλκιδική. Πληροφορίες στά γραφεῖα τοῦ συλλόγου, ὁδός Ἐγνατίας 54. ΤΟΥ ΣΥΛΛΟΓΟΥ ΕΛΛΗΝΩΝ ΟΡΕΙΒΑΤΩΝ: ἐκδρομή στόν Ὄλυμπο. Ἀναχώρηση 6.30 π.μ. ἀπό τήν πλατεία Ἀριστοτέλους.

ΤΩΝ «ΦΙΛΩΝ ΒΟΥΝΟΥ», εἰς Ρόμβο, Κατερίνης, Χαλκιδική. Πληροφορίες στά γραφεῖα τοῦ συλλόγου, ὁδός Ἐγνατίας 54. ΤΟΥ ΣΥΛΛΟΓΟΥ ΕΛΛΗΝΩΝ ΟΡΕΙΒΑΤΩΝ: ἐκδρομή στόν Ὄλυμπο. Ἀναχώρηση 6.30 π.μ. ἀπό τήν πλατεία Ἀριστοτέλους.

Ἡ ἐπέτειος ἱδρύσεως τοῦ Ἰσλάμ

ΤΩΝ «ΦΙΛΩΝ ΒΟΥΝΟΥ», εἰς Ρόμβο, Κατερίνης, Χαλκιδική. Πληροφορίες στά γραφεῖα τοῦ συλλόγου, ὁδός Ἐγνατίας 54. ΤΟΥ ΣΥΛΛΟΓΟΥ ΕΛΛΗΝΩΝ ΟΡΕΙΒΑΤΩΝ: ἐκδρομή στόν Ὄλυμπο. Ἀναχώρηση 6.30 π.μ. ἀπό τήν πλατεία Ἀριστοτέλους.

Ἐπιστημονική συγκέντρωση φιλολόγων γιά τό νέο σύστημα

ΤΩΝ «ΦΙΛΩΝ ΒΟΥΝΟΥ», εἰς Ρόμβο, Κατερίνης, Χαλκιδική. Πληροφορίες στά γραφεῖα τοῦ συλλόγου, ὁδός Ἐγνατίας 54. ΤΟΥ ΣΥΛΛΟΓΟΥ ΕΛΛΗΝΩΝ ΟΡΕΙΒΑΤΩΝ: ἐκδρομή στόν Ὄλυμπο. Ἀναχώρηση 6.30 π.μ. ἀπό τήν πλατεία Ἀριστοτέλους.

Μετεκόμισαν τά γραφεῖα τῆς ΚΝΕ

ΤΩΝ «ΦΙΛΩΝ ΒΟΥΝΟΥ», εἰς Ρόμβο, Κατερίνης, Χαλκιδική. Πληροφορίες στά γραφεῖα τοῦ συλλόγου, ὁδός Ἐγνατίας 54. ΤΟΥ ΣΥΛΛΟΓΟΥ ΕΛΛΗΝΩΝ ΟΡΕΙΒΑΤΩΝ: ἐκδρομή στόν Ὄλυμπο. Ἀναχώρηση 6.30 π.μ. ἀπό τήν πλατεία Ἀριστοτέλους.

Ἀπό τούς δύο δράστες
ΩΜΗ Η ΠΕΡΙΓΡΑΦΗ
ΤΗΣ ΔΟΛΟΦΟΝΙΑΣ
ΤΟΥ ΤΜΗΜΑΤΑΡΧΗ
Ὁ Καραγιάννης τόν χτύπησε πρῶτος μέ τό μπουκάλι.- Ὁ Κουτσογιάννης τοῦ ἔμπηξε τό ἀχλάδι στό στόμα.-
ΑΘΗΝΑΙ, 23.— Οἱ συνθῆκες κάτω ἀπό τίς ὁποῖες δολοφονήθηκε ὁ τμηματάρχης τοῦ Ὑπουργείου Συγκοινωνιῶν Νικόλαος Μουζάκης, διευκρινίστηκαν ὕστερα ἀπό τήν κατάθεση τῶν δύο συλληφθέντων δραστῶν. Μέ ψυχρότητα οἱ δύο νεαροί περιέγραψαν ὅλες τίς λεπτομέρειες.

Στήν ἀνάκριση ὁ Καραγιάννης ὁμολόγησε ὅτι ἐπισκέφθηκαν τόν τμηματάρχη στό σπίτι του ἀργά τό βράδυ. Ὅταν ἄρχισε ὁ καυγᾶς, ἅρπαξε ἕνα μπουκάλι ἀπό τό τραπέζι καί τόν χτύπησε στό κεφάλι. Ὁ Μουζάκης σωριάστηκε στό πάτωμα.

Στήν ἀνάκριση ὁ Καραγιάννης ὁμολόγησε ὅτι ἐπισκέφθηκαν τόν τμηματάρχη στό σπίτι του ἀργά τό βράδυ. Ὅταν ἄρχισε ὁ καυγᾶς, ἅρπαξε ἕνα μπουκάλι ἀπό τό τραπέζι καί τόν χτύπησε στό κεφάλι. Ὁ Μουζάκης σωριάστηκε στό πάτωμα.

Τότε ὁ Κουτσογιάννης, γιά νά μή φωνάξει τό θῦμα, τοῦ ἔμπηξε στό στόμα ἕνα ἀχλάδι πού βρισκόταν στή φρουτιέρα. Οἱ δύο δράστες ἔψαξαν τό διαμέρισμα, πῆραν χρήματα καί κοσμήματα καί ἔφυγαν. Τό πτῶμα βρέθηκε τήν ἑπομένη.

Στήν ἀνάκριση ὁ Καραγιάννης ὁμολόγησε ὅτι ἐπισκέφθηκαν τόν τμηματάρχη στό σπίτι του ἀργά τό βράδυ. Ὅταν ἄρχισε ὁ καυγᾶς, ἅρπαξε ἕνα μπουκάλι ἀπό τό τραπέζι καί τόν χτύπησε στό κεφάλι. Ὁ Μουζάκης σωριάστηκε στό πάτωμα.

—Γιατί τό κάνατε; ρώτησε ὁ ἀνακριτής. —Θέλαμε χρήματα, ἀπάντησε ὁ Καραγιάννης. Ἡ ἀστυνομία συνεχίζει τίς ἔρευνες γιά νά διαπιστώσει ἄν οἱ δύο νεαροί εἶχαν συνεργούς. Οἱ δράστες θά παραπεμφθοῦν σήμερα στόν εἰσαγγελέα.

Τότε ὁ Κουτσογιάννης, γιά νά μή φωνάξει τό θῦμα, τοῦ ἔμπηξε στό στόμα ἕνα ἀχλάδι πού βρισκόταν στή φρουτιέρα. Οἱ δύο δράστες ἔψαξαν τό διαμέρισμα, πῆραν χρήματα καί κοσμήματα καί ἔφυγαν. Τό πτῶμα βρέθηκε τήν ἑπομένη.

ΜΑΖΙ

Στήν ἀνάκριση ὁ Καραγιάννης ὁμολόγησε ὅτι ἐπισκέφθηκαν τόν τμηματάρχη στό σπίτι του ἀργά τό βράδυ. Ὅταν ἄρχισε ὁ καυγᾶς, ἅρπαξε ἕνα μπουκάλι ἀπό τό τραπέζι καί τόν χτύπησε στό κεφάλι. Ὁ Μουζάκης σωριάστηκε στό πάτωμα.

Τότε ὁ Κουτσογιάννης, γιά νά μή φωνάξει τό θῦμα, τοῦ ἔμπηξε στό στόμα ἕνα ἀχλάδι πού βρισκόταν στή φρουτιέρα. Οἱ δύο δράστες ἔψαξαν τό διαμέρισμα, πῆραν χρήματα καί κοσμήματα καί ἔφυγαν. Τό πτῶμα βρέθηκε τήν ἑπομένη.

—Γιατί τό κάνατε; ρώτησε ὁ ἀνακριτής. —Θέλαμε χρήματα, ἀπάντησε ὁ Καραγιάννης. Ἡ ἀστυνομία συνεχίζει τίς ἔρευνες γιά νά διαπιστώσει ἄν οἱ δύο νεαροί εἶχαν συνεργούς. Οἱ δράστες θά παραπεμφθοῦν σήμερα στόν εἰσαγγελέα.

Στήν ἀνάκριση ὁ Καραγιάννης ὁμολόγησε ὅτι ἐπισκέφθηκαν τόν τμηματάρχη στό σπίτι του ἀργά τό βράδυ. Ὅταν ἄρχισε ὁ καυγᾶς, ἅρπαξε ἕνα μπουκάλι ἀπό τό τραπέζι καί τόν χτύπησε στό κεφάλι. Ὁ Μουζάκης σωριάστηκε στό πάτωμα.

Τότε ὁ Κουτσογιάννης, γιά νά μή φωνάξει τό θῦμα, τοῦ ἔμπηξε στό στόμα ἕνα ἀχλάδι πού βρισκόταν στή φρουτιέρα. Οἱ δύο δράστες ἔψαξαν τό διαμέρισμα, πῆραν χρήματα καί κοσμήματα καί ἔφυγαν. Τό πτῶμα βρέθηκε τήν ἑπομένη.

—Γιατί τό κάνατε; ρώτησε ὁ ἀνακριτής. —Θέλαμε χρήματα, ἀπάντησε ὁ Καραγιάννης. Ἡ ἀστυνομία συνεχίζει τίς ἔρευνες γιά νά διαπιστώσει ἄν οἱ δύο νεαροί εἶχαν συνεργούς. Οἱ δράστες θά παραπεμφθοῦν σήμερα στόν εἰσαγγελέα.

ΗΤΑΝ ΒΙΑΣΤΙΚΟΙ

Τότε ὁ Κουτσογιάννης, γιά νά μή φωνάξει τό θῦμα, τοῦ ἔμπηξε στό στόμα ἕνα ἀχλάδι πού βρισκόταν στή φρουτιέρα. Οἱ δύο δράστες ἔψαξαν τό διαμέρισμα, πῆραν χρήματα καί κοσμήματα καί ἔφυγαν. Τό πτῶμα βρέθηκε τήν ἑπομένη.

Στήν ἀνάκριση ὁ Καραγιάννης ὁμολόγησε ὅτι ἐπισκέφθηκαν τόν τμηματάρχη στό σπίτι του ἀργά τό βράδυ. Ὅταν ἄρχισε ὁ καυγᾶς, ἅρπαξε ἕνα μπουκάλι ἀπό τό τραπέζι καί τόν χτύπησε στό κεφάλι. Ὁ Μουζάκης σωριάστηκε στό πάτωμα.

—Γιατί τό κάνατε; ρώτησε ὁ ἀνακριτής. —Θέλαμε χρήματα, ἀπάντησε ὁ Καραγιάννης. Ἡ ἀστυνομία συνεχίζει τίς ἔρευνες γιά νά διαπιστώσει ἄν οἱ δύο νεαροί εἶχαν συνεργούς. Οἱ δράστες θά παραπεμφθοῦν σήμερα στόν εἰσαγγελέα.

Στήν ἀνάκριση ὁ Καραγιάννης ὁμολόγησε ὅτι ἐπισκέφθηκαν τόν τμηματάρχη στό σπίτι του ἀργά τό βράδυ. Ὅταν ἄρχισε ὁ καυγᾶς, ἅρπαξε ἕνα μπουκάλι ἀπό τό τραπέζι καί τόν χτύπησε στό κεφάλι. Ὁ Μουζάκης σωριάστηκε στό πάτωμα.

ΗΤΑΝ ΓΝΩΣΤΟΙ

Τότε ὁ Κουτσογιάννης, γιά νά μή φωνάξει τό θῦμα, τοῦ ἔμπηξε στό στόμα ἕνα ἀχλάδι πού βρισκόταν στή φρουτιέρα. Οἱ δύο δράστες ἔψαξαν τό διαμέρισμα, πῆραν χρήματα καί κοσμήματα καί ἔφυγαν. Τό πτῶμα βρέθηκε τήν ἑπομένη.

—Γιατί τό κάνατε; ρώτησε ὁ ἀνακριτής. —Θέλαμε χρήματα, ἀπάντησε ὁ Καραγιάννης. Ἡ ἀστυνομία συνεχίζει τίς ἔρευνες γιά νά διαπιστώσει ἄν οἱ δύο νεαροί εἶχαν συνεργούς. Οἱ δράστες θά παραπεμφθοῦν σήμερα στόν εἰσαγγελέα.

Στήν ἀνάκριση ὁ Καραγιάννης ὁμολόγησε ὅτι ἐπισκέφθηκαν τόν τμηματάρχη στό σπίτι του ἀργά τό βράδυ. Ὅταν ἄρχισε ὁ καυγᾶς, ἅρπαξε ἕνα μπουκάλι ἀπό τό τραπέζι καί τόν χτύπησε στό κεφάλι. Ὁ Μουζάκης σωριάστηκε στό πάτωμα.

Τότε ὁ Κουτσογιάννης, γιά νά μή φωνάξει τό θῦμα, τοῦ ἔμπηξε στό στόμα ἕνα ἀχλάδι πού βρισκόταν στή φρουτιέρα. Οἱ δύο δράστες ἔψαξαν τό διαμέρισμα, πῆραν χρήματα καί κοσμήματα καί ἔφυγαν. Τό πτῶμα βρέθηκε τήν ἑπομένη.

ΣΕΒ. ΑΡΝΕΛΟΣ
Ἄγνωστοι στήν Ἀθήνα
Ὁλόκληρο θησαυρό
ἔκλεψαν ἀπ' τό ρετιρέ
τοῦ Γιώρ. Νταλάρα
450.000 δραχμ., 3.500 δολλάρια, ξένα νομίσματα ἀξίας 100.000 δραχ., 50 πολύτιμες πέτρες, ἄλλα τιμαλφῆ

ΑΘΗΝΑΙ, 23.— Τό γνωστό τραγουδιστή Γιῶργο Νταλάρα ἐπισκέφθηκαν διαρρῆκτες.

Ἄγνωστοι μπῆκαν στό διαμέρισμα τοῦ Νταλάρα, στήν ὁδό Μητροπόλεως 23, καί ἀφοῦ ἔψαξαν ὅλους τούς χώρους ἀφαίρεσαν 450.000 δρχ., 3.500 δολλάρια, ξένα νομίσματα ἀξίας 100.000 δρχ. καί 50 πολύτιμες πέτρες.

Ἄγνωστοι μπῆκαν στό διαμέρισμα τοῦ Νταλάρα, στήν ὁδό Μητροπόλεως 23, καί ἀφοῦ ἔψαξαν ὅλους τούς χώρους ἀφαίρεσαν 450.000 δρχ., 3.500 δολλάρια, ξένα νομίσματα ἀξίας 100.000 δρχ. καί 50 πολύτιμες πέτρες.

Ἀπό τήν ἐπιχείρηση τοῦ Ν. Νικητοπούλου, στήν ὁδό Πατησίων 168, ἄγνωστοι ἀφαίρεσαν κοσμήματα ἀξίας 100.000 δραχμῶν. Ἄγνωστοι ἐπίσης ἔκλεψαν ἀπό τό κατάστημα ἠλεκτρικῶν εἰδῶν τοῦ Ἀνδρέα Βουτσινᾶ συσκευές ἀξίας 80.000 δραχμῶν.

ΚΑΙ ΑΛΛΕΣ ΚΛΟΠΕΣ

Ἀπό τήν ἐπιχείρηση τοῦ Ν. Νικητοπούλου, στήν ὁδό Πατησίων 168, ἄγνωστοι ἀφαίρεσαν κοσμήματα ἀξίας 100.000 δραχμῶν. Ἄγνωστοι ἐπίσης ἔκλεψαν ἀπό τό κατάστημα ἠλεκτρικῶν εἰδῶν τοῦ Ἀνδρέα Βουτσινᾶ συσκευές ἀξίας 80.000 δραχμῶν.

Ἄγνωστοι μπῆκαν στό διαμέρισμα τοῦ Νταλάρα, στήν ὁδό Μητροπόλεως 23, καί ἀφοῦ ἔψαξαν ὅλους τούς χώρους ἀφαίρεσαν 450.000 δρχ., 3.500 δολλάρια, ξένα νομίσματα ἀξίας 100.000 δρχ. καί 50 πολύτιμες πέτρες.

Ἀπό τήν ἐπιχείρηση τοῦ Ν. Νικητοπούλου, στήν ὁδό Πατησίων 168, ἄγνωστοι ἀφαίρεσαν κοσμήματα ἀξίας 100.000 δραχμῶν. Ἄγνωστοι ἐπίσης ἔκλεψαν ἀπό τό κατάστημα ἠλεκτρικῶν εἰδῶν τοῦ Ἀνδρέα Βουτσινᾶ συσκευές ἀξίας 80.000 δραχμῶν.

Νέα ἐκδίκαση στό ἐφετεῖο
Ἀντέφεση τοῦ εἰσαγγελέως
στήν ἀπόφαση γιά τόν ἔμπορο
πού ἔδινε χαλασμένο γάλα
ΜΙΚΡΗ ΧΑΡΑΚΤΗΡΙΖΕΤΑΙ Η ΠΟΙΝΗ
ΤΗΣ ΕΝΝΙΑΜΗΝΗΣ ΦΥΛΑΚΙΣΕΩΣ
ΑΘΗΝΑΙ, 23.— Ἀντέφεση ἄσκησε ὁ εἰσαγγελεύς κατά τῆς ἀποφάσεως τοῦ τριμελοῦς πλημμελειοδικείου μέ τήν ὁποία καταδικάστηκε σέ φυλάκιση ἐννέα μηνῶν ὁ ἔμπορος γάλακτος.

Ὁ ἔμπορος εἶχε διαθέσει στήν ἀγορά μεγάλη ποσότητα χαλασμένου γάλακτος πού προκάλεσε δηλητηρίαση σέ παιδιά. Ὁ εἰσαγγελεύς θεωρεῖ τήν ποινή ἐπιεική καί ζητᾶ τήν αὐστηρότερη τιμωρία τοῦ κατηγορουμένου.

Ἡ ὑπόθεση θά ἐκδικαστεῖ ἐκ νέου στό ἐφετεῖο Ἀθηνῶν τόν ἑπόμενο μῆνα, ὅπου θά καταθέσουν οἱ γονεῖς τῶν παιδιῶν καί οἱ ἰατροδικαστές πού ἐξέτασαν τά δείγματα.

Ὁ ἔμπορος εἶχε διαθέσει στήν ἀγορά μεγάλη ποσότητα χαλασμένου γάλακτος πού προκάλεσε δηλητηρίαση σέ παιδιά. Ὁ εἰσαγγελεύς θεωρεῖ τήν ποινή ἐπιεική καί ζητᾶ τήν αὐστηρότερη τιμωρία τοῦ κατηγορουμένου.

Ἡ ὑπόθεση θά ἐκδικαστεῖ ἐκ νέου στό ἐφετεῖο Ἀθηνῶν τόν ἑπόμενο μῆνα, ὅπου θά καταθέσουν οἱ γονεῖς τῶν παιδιῶν καί οἱ ἰατροδικαστές πού ἐξέτασαν τά δείγματα.

Ὁ ἔμπορος εἶχε διαθέσει στήν ἀγορά μεγάλη ποσότητα χαλασμένου γάλακτος πού προκάλεσε δηλητηρίαση σέ παιδιά. Ὁ εἰσαγγελεύς θεωρεῖ τήν ποινή ἐπιεική καί ζητᾶ τήν αὐστηρότερη τιμωρία τοῦ κατηγορουμένου.

Ἡ ὑπόθεση θά ἐκδικαστεῖ ἐκ νέου στό ἐφετεῖο Ἀθηνῶν τόν ἑπόμενο μῆνα, ὅπου θά καταθέσουν οἱ γονεῖς τῶν παιδιῶν καί οἱ ἰατροδικαστές πού ἐξέτασαν τά δείγματα.

ΑΝΟΙΞΑΝ ΤΡΥΠΑ ΣΤΟ ΥΠΟΓΕΙΟ
ΛΗΣΤΕΣ ΑΡΠΑΞΑΝ ΑΠΟ ΤΡΑΠΕΖΑ ΤΗΣ ΝΕΑΣ ΥΟΡΚΗΣ 1.000.000 ΔΟΛΛΑΡΙΑ
ΕΜΕΙΝΑΝ ΚΡΥΜΜΕΝΟΙ ΜΕΣΑ ΤΕΣΣΕΡΙΣ ΗΜΕΡΕΣ

ΝΕΑ ΥΟΡΚΗ 23 (Ρώυτερ).— Δύο ληστές κατόρθωσαν νά ἀρπάξουν 1.000.000 δολλάρια ἀπό τήν τράπεζα, ἀφοῦ ἄνοιξαν τρύπα στόν τοῖχο τοῦ ὑπογείου ὅπου ἔμειναν κρυμμένοι τέσσερις ἡμέρες.

ΝΕΑ ΥΟΡΚΗ 23 (Ρώυτερ).— Δύο ληστές κατόρθωσαν νά ἀρπάξουν 1.000.000 δολλάρια ἀπό τήν τράπεζα, ἀφοῦ ἄνοιξαν τρύπα στόν τοῖχο τοῦ ὑπογείου ὅπου ἔμειναν κρυμμένοι τέσσερις ἡμέρες.

ΕΛΛΗΝΟΡΩΣΙΚΗ ΣΥΜΦΩΝΙΑ ΓΙΑ ΤΗΝ ΑΠΟΦΥΓΗ ΔΙΠΛΗΣ ΦΟΡΟΛΟΓΙΑΣ

ΑΘΗΝΑΙ, 23.— Δημοσιεύθηκε εἰς τήν Ἐφημερίδα τῆς Κυβερνήσεως ὁ νόμος γιά τήν κύρωση τῆς συμφωνίας μεταξύ Ἑλλάδος καί Σοβιετικῆς Ἑνώσεως γιά τήν ἀποφυγή διπλῆς φορολογίας.

ΑΘΗΝΑΙ, 23.— Δημοσιεύθηκε εἰς τήν Ἐφημερίδα τῆς Κυβερνήσεως ὁ νόμος γιά τήν κύρωση τῆς συμφωνίας μεταξύ Ἑλλάδος καί Σοβιετικῆς Ἑνώσεως γιά τήν ἀποφυγή διπλῆς φορολογίας.

ΤΡΑΥΜΑΤΙΣΜΟΣ ΜΑΘΗΤΗ ΑΠΟ ΠΕΣΙΜΟ ΣΕ ΣΚΑΛΕΣ

ΑΘΗΝΑΙ, 23.— Ὁ Σ.Ν. μαθητής, 13 ἐτῶν, ἔπεσε ἀπό τίς σκάλες τοῦ σχολείου του καί τραυματίστηκε σοβαρά στό κεφάλι.

ΑΘΗΝΑΙ, 23.— Ὁ Σ.Ν. μαθητής, 13 ἐτῶν, ἔπεσε ἀπό τίς σκάλες τοῦ σχολείου του καί τραυματίστηκε σοβαρά στό κεφάλι.

ΑΖΗΤΗΤΟ ΠΤΩΜΑ ΓΥΝΑΙΚΟΣ

ΑΘΗΝΑΙ, 23.— Στό νεκροτομεῖο παραμένει ἀζήτητο ἀπό τίς 26 Ἰανουαρίου 1977 τό πτῶμα μιᾶς γυναίκας ἡλικίας 40 ἐτῶν.

ΑΘΗΝΑΙ, 23.— Στό νεκροτομεῖο παραμένει ἀζήτητο ἀπό τίς 26 Ἰανουαρίου 1977 τό πτῶμα μιᾶς γυναίκας ἡλικίας 40 ἐτῶν.

ΚΑΤΑΔΙΚΗ ΓΙΑ ΠΑΡΑΝΟΜΟ ΣΥΝΑΛΛΑΓΜΑ

ΚΙΑΚΙΣ, 23.— Ἀπό τό αὐτόφωρο πλημμελειοδικεῖο καταδικάσθηκε σέ φυλάκιση 20 ἡμερῶν ὁ Ἀργύριος Σιδηρᾶς γιά παράνομη κατοχή συναλλάγματος.

ΚΙΑΚΙΣ, 23.— Ἀπό τό αὐτόφωρο πλημμελειοδικεῖο καταδικάσθηκε σέ φυλάκιση 20 ἡμερῶν ὁ Ἀργύριος Σιδηρᾶς γιά παράνομη κατοχή συναλλάγματος.
